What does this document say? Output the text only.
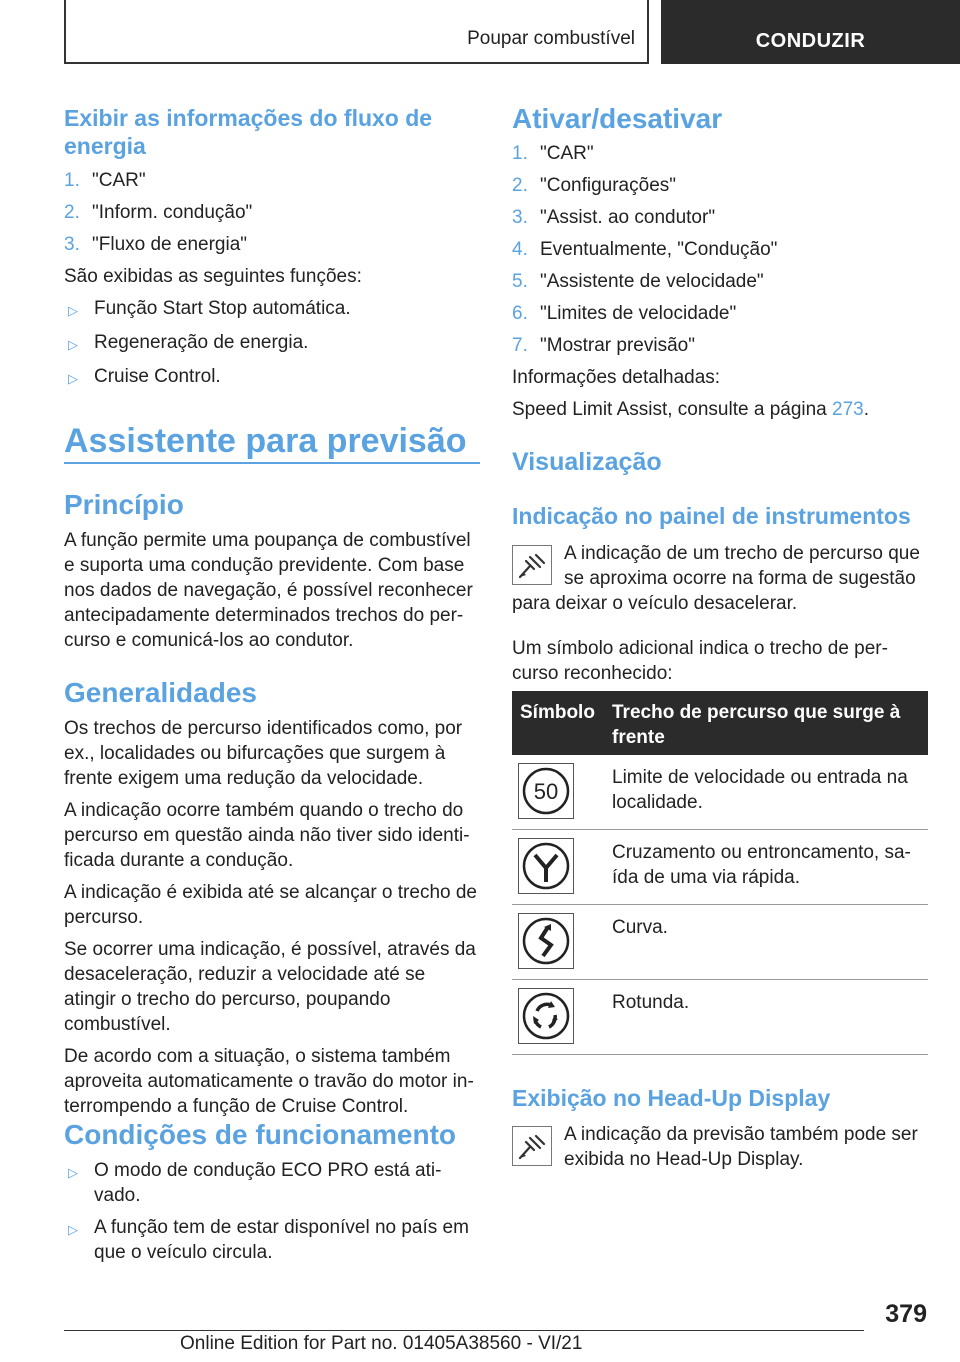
Poupar combustível	CONDUZIR
Exibir as informações do fluxo de energia
1. "CAR"
2. "Inform. condução"
3. "Fluxo de energia"

São exibidas as seguintes funções:

▷ Função Start Stop automática.
▷ Regeneração de energia.
▷ Cruise Control.
Assistente para previsão
Princípio

A função permite uma poupança de combustível e suporta uma condução previdente. Com base nos dados de navegação, é possível reconhecer antecipadamente determinados trechos do per-curso e comunicá-los ao condutor.

Generalidades

Os trechos de percurso identificados como, por ex., localidades ou bifurcações que surgem à frente exigem uma redução da velocidade.

A indicação ocorre também quando o trecho do percurso em questão ainda não tiver sido identi-ficada durante a condução.

A indicação é exibida até se alcançar o trecho de percurso.

Se ocorrer uma indicação, é possível, através da desaceleração, reduzir a velocidade até se atingir o trecho do percurso, poupando combustível.

De acordo com a situação, o sistema também aproveita automaticamente o travão do motor in-terrompendo a função de Cruise Control.

Condições de funcionamento
▷ O modo de condução ECO PRO está ati-vado.
▷ A função tem de estar disponível no país em que o veículo circula.
Ativar/desativar
1. "CAR"
2. "Configurações"
3. "Assist. ao condutor"
4. Eventualmente, "Condução"
5. "Assistente de velocidade"
6. "Limites de velocidade"
7. "Mostrar previsão"

Informações detalhadas:

Speed Limit Assist, consulte a página 273.

Visualização
Indicação no painel de instrumentos

A indicação de um trecho de percurso que se aproxima ocorre na forma de sugestão para deixar o veículo desacelerar.

Um símbolo adicional indica o trecho de per-curso reconhecido:

Símbolo Trecho de percurso que surge à frente
50
Limite de velocidade ou entrada na localidade.
Cruzamento ou entroncamento, sa-ída de uma via rápida.
Curva.
Rotunda.
Exibição no Head-Up Display

A indicação da previsão também pode ser exibida no Head-Up Display.

379
Online Edition for Part no. 01405A38560 - VI/21
